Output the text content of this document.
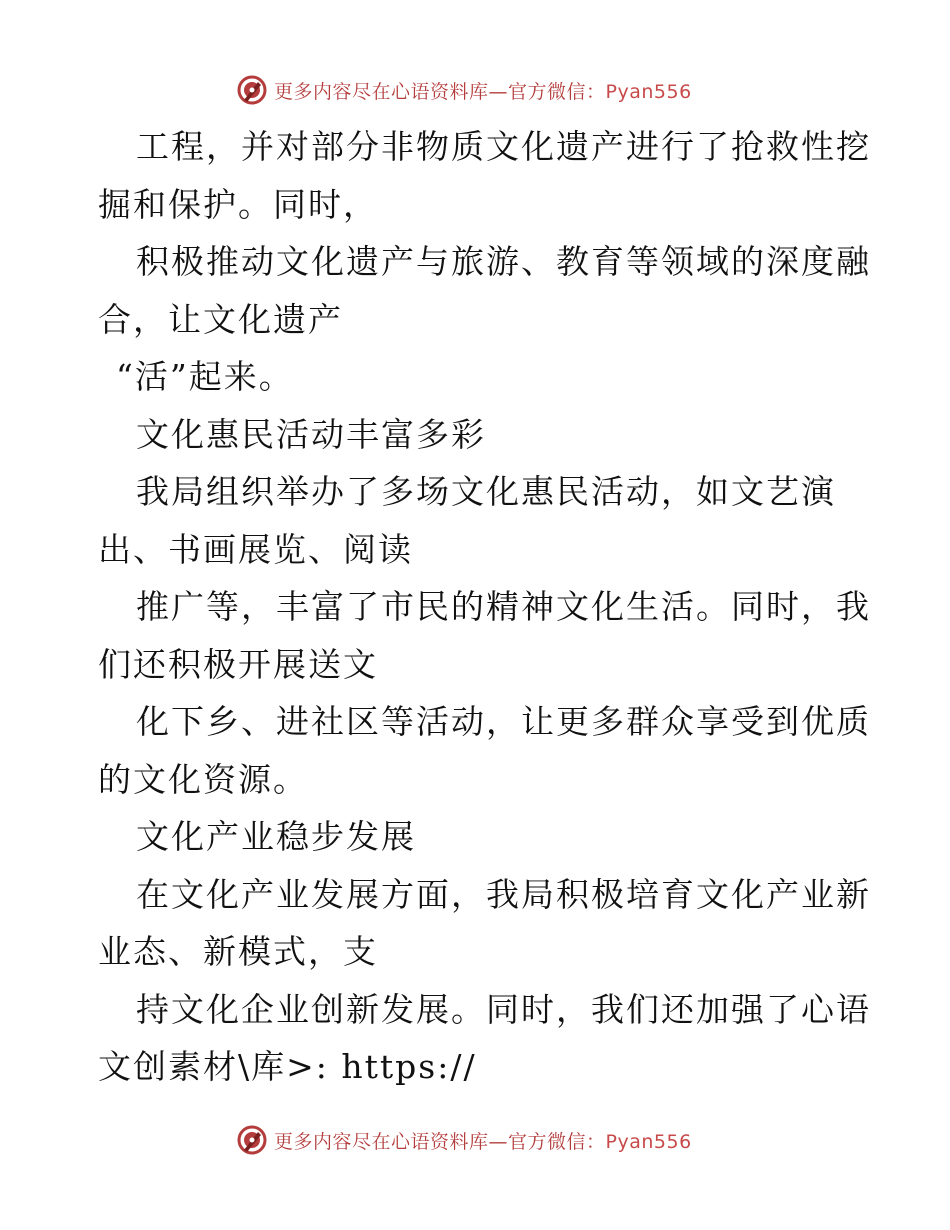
更多内容尽在心语资料库—官方微信：Pyan556
工程，并对部分非物质文化遗产进行了抢救性挖
掘和保护。同时，
积极推动文化遗产与旅游、教育等领域的深度融
合，让文化遗产
“活”起来。
文化惠民活动丰富多彩
我局组织举办了多场文化惠民活动，如文艺演
出、书画展览、阅读
推广等，丰富了市民的精神文化生活。同时，我
们还积极开展送文
化下乡、进社区等活动，让更多群众享受到优质
的文化资源。
文化产业稳步发展
在文化产业发展方面，我局积极培育文化产业新
业态、新模式，支
持文化企业创新发展。同时，我们还加强了心语
文创素材\库>: https://
更多内容尽在心语资料库—官方微信：Pyan556
